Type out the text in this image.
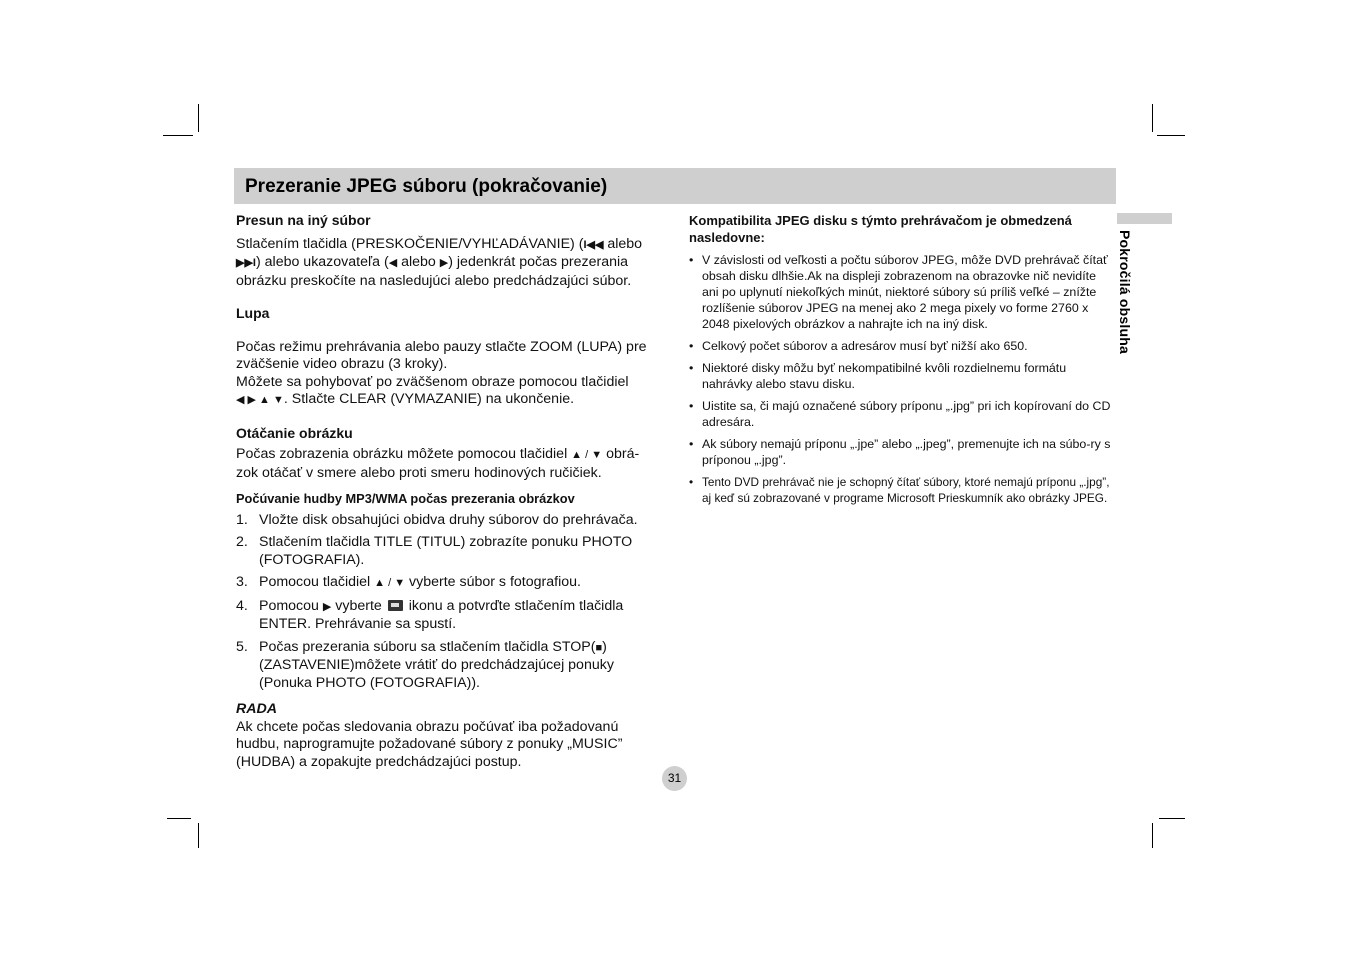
Prezeranie JPEG súboru (pokračovanie)
Pokročilá obsluha
Presun na iný súbor

Stlačením tlačidla (PRESKOČENIE/VYHĽADÁVANIE) (I◀◀ alebo ▶▶I) alebo ukazovateľa (◀ alebo ▶) jedenkrát počas prezerania obrázku preskočíte na nasledujúci alebo predchádzajúci súbor.

Lupa

Počas režimu prehrávania alebo pauzy stlačte ZOOM (LUPA) pre zväčšenie video obrazu (3 kroky).

Môžete sa pohybovať po zväčšenom obraze pomocou tlačidiel

◀ ▶ ▲ ▼. Stlačte CLEAR (VYMAZANIE) na ukončenie.

Otáčanie obrázku

Počas zobrazenia obrázku môžete pomocou tlačidiel ▲ / ▼ obrá-zok otáčať v smere alebo proti smeru hodinových ručičiek.

Počúvanie hudby MP3/WMA počas prezerania obrázkov
1. Vložte disk obsahujúci obidva druhy súborov do prehrávača.
2. Stlačením tlačidla TITLE (TITUL) zobrazíte ponuku PHOTO (FOTOGRAFIA).
3. Pomocou tlačidiel ▲ / ▼ vyberte súbor s fotografiou.
4. Pomocou ▶ vyberte  ikonu a potvrďte stlačením tlačidla ENTER. Prehrávanie sa spustí.
5. Počas prezerania súboru sa stlačením tlačidla STOP(■) (ZASTAVENIE)môžete vrátiť do predchádzajúcej ponuky (Ponuka PHOTO (FOTOGRAFIA)).

RADA

Ak chcete počas sledovania obrazu počúvať iba požadovanú hudbu, naprogramujte požadované súbory z ponuky „MUSIC” (HUDBA) a zopakujte predchádzajúci postup.

Kompatibilita JPEG disku s týmto prehrávačom je obmedzená nasledovne:
• V závislosti od veľkosti a počtu súborov JPEG, môže DVD prehrávač čítať obsah disku dlhšie.Ak na displeji zobrazenom na obrazovke nič nevidíte ani po uplynutí niekoľkých minút, niektoré súbory sú príliš veľké – znížte rozlíšenie súborov JPEG na menej ako 2 mega pixely vo forme 2760 x 2048 pixelových obrázkov a nahrajte ich na iný disk.
• Celkový počet súborov a adresárov musí byť nižší ako 650.
• Niektoré disky môžu byť nekompatibilné kvôli rozdielnemu formátu nahrávky alebo stavu disku.
• Uistite sa, či majú označené súbory príponu „.jpg” pri ich kopírovaní do CD adresára.
• Ak súbory nemajú príponu „.jpe” alebo „.jpeg”, premenujte ich na súbo-ry s príponou „.jpg”.
• Tento DVD prehrávač nie je schopný čítať súbory, ktoré nemajú príponu „.jpg”, aj keď sú zobrazované v programe Microsoft Prieskumník ako obrázky JPEG.
31
